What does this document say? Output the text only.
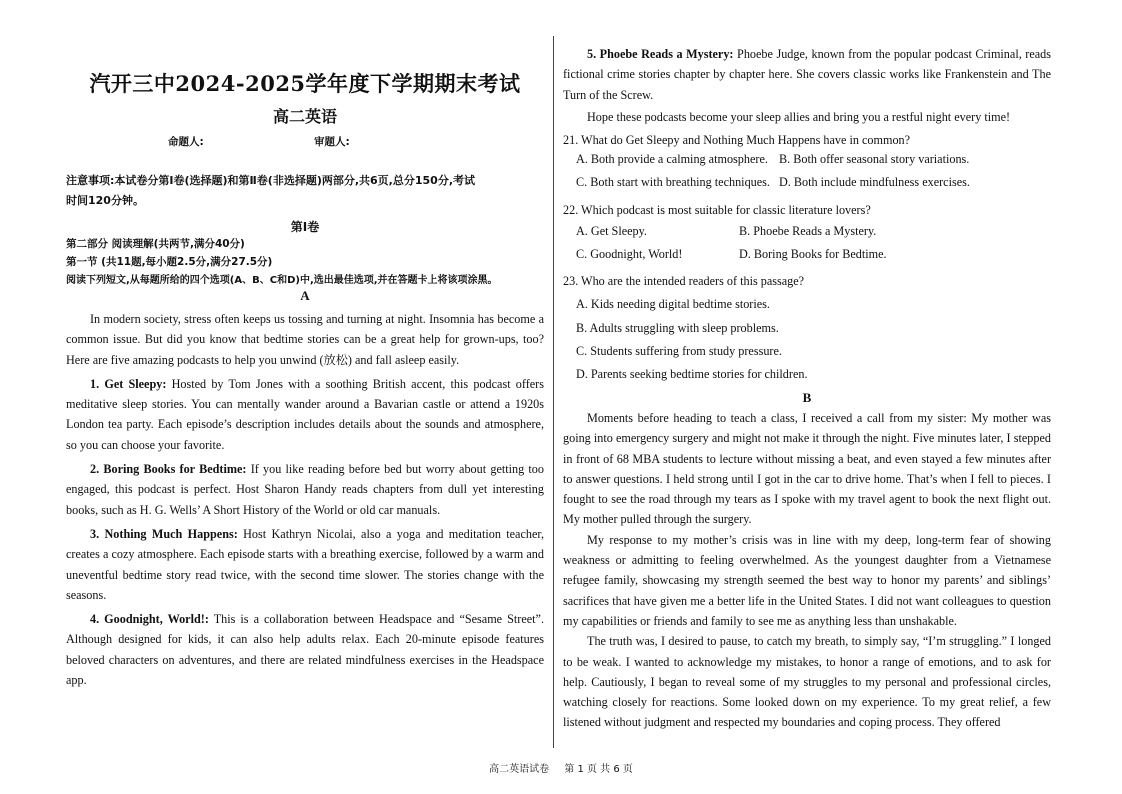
汽开三中2024-2025学年度下学期期末考试
高二英语
命题人:	审题人:
注意事项:本试卷分第Ⅰ卷(选择题)和第Ⅱ卷(非选择题)两部分,共6页,总分150分,考试
时间120分钟。
第Ⅰ卷
第二部分 阅读理解(共两节,满分40分)
第一节 (共11题,每小题2.5分,满分27.5分)
阅读下列短文,从每题所给的四个选项(A、B、C和D)中,选出最佳选项,并在答题卡上将该项涂黑。
A

In modern society, stress often keeps us tossing and turning at night. Insomnia has become a common issue. But did you know that bedtime stories can be a great help for grown-ups, too? Here are five amazing podcasts to help you unwind (放松) and fall asleep easily.

1. Get Sleepy: Hosted by Tom Jones with a soothing British accent, this podcast offers meditative sleep stories. You can mentally wander around a Bavarian castle or attend a 1920s London tea party. Each episode’s description includes details about the sounds and atmosphere, so you can choose your favorite.

2. Boring Books for Bedtime: If you like reading before bed but worry about getting too engaged, this podcast is perfect. Host Sharon Handy reads chapters from dull yet interesting books, such as H. G. Wells’ A Short History of the World or old car manuals.

3. Nothing Much Happens: Host Kathryn Nicolai, also a yoga and meditation teacher, creates a cozy atmosphere. Each episode starts with a breathing exercise, followed by a warm and uneventful bedtime story read twice, with the second time slower. The stories change with the seasons.

4. Goodnight, World!: This is a collaboration between Headspace and “Sesame Street”. Although designed for kids, it can also help adults relax. Each 20-minute episode features beloved characters on adventures, and there are related mindfulness exercises in the Headspace app.

5. Phoebe Reads a Mystery: Phoebe Judge, known from the popular podcast Criminal, reads fictional crime stories chapter by chapter here. She covers classic works like Frankenstein and The Turn of the Screw.

Hope these podcasts become your sleep allies and bring you a restful night every time!

21. What do Get Sleepy and Nothing Much Happens have in common?

A. Both provide a calming atmosphere. B. Both offer seasonal story variations.
C. Both start with breathing techniques. D. Both include mindfulness exercises.

22. Which podcast is most suitable for classic literature lovers?

A. Get Sleepy.	B. Phoebe Reads a Mystery.
C. Goodnight, World!	D. Boring Books for Bedtime.

23. Who are the intended readers of this passage?

A. Kids needing digital bedtime stories.

B. Adults struggling with sleep problems.

C. Students suffering from study pressure.

D. Parents seeking bedtime stories for children.

B

Moments before heading to teach a class, I received a call from my sister: My mother was going into emergency surgery and might not make it through the night. Five minutes later, I stepped in front of 68 MBA students to lecture without missing a beat, and even stayed a few minutes after to answer questions. I held strong until I got in the car to drive home. That’s when I fell to pieces. I fought to see the road through my tears as I spoke with my travel agent to book the next flight out. My mother pulled through the surgery.

My response to my mother’s crisis was in line with my deep, long-term fear of showing weakness or admitting to feeling overwhelmed. As the youngest daughter from a Vietnamese refugee family, showcasing my strength seemed the best way to honor my parents’ and siblings’ sacrifices that have given me a better life in the United States. I did not want colleagues to question my capabilities or friends and family to see me as anything less than unshakable.

The truth was, I desired to pause, to catch my breath, to simply say, “I’m struggling.” I longed to be weak. I wanted to acknowledge my mistakes, to honor a range of emotions, and to ask for help. Cautiously, I began to reveal some of my struggles to my personal and professional circles, watching closely for reactions. Some looked down on my experience. To my great relief, a few listened without judgment and respected my boundaries and coping process. They offered

高二英语试卷 第 1 页 共 6 页
